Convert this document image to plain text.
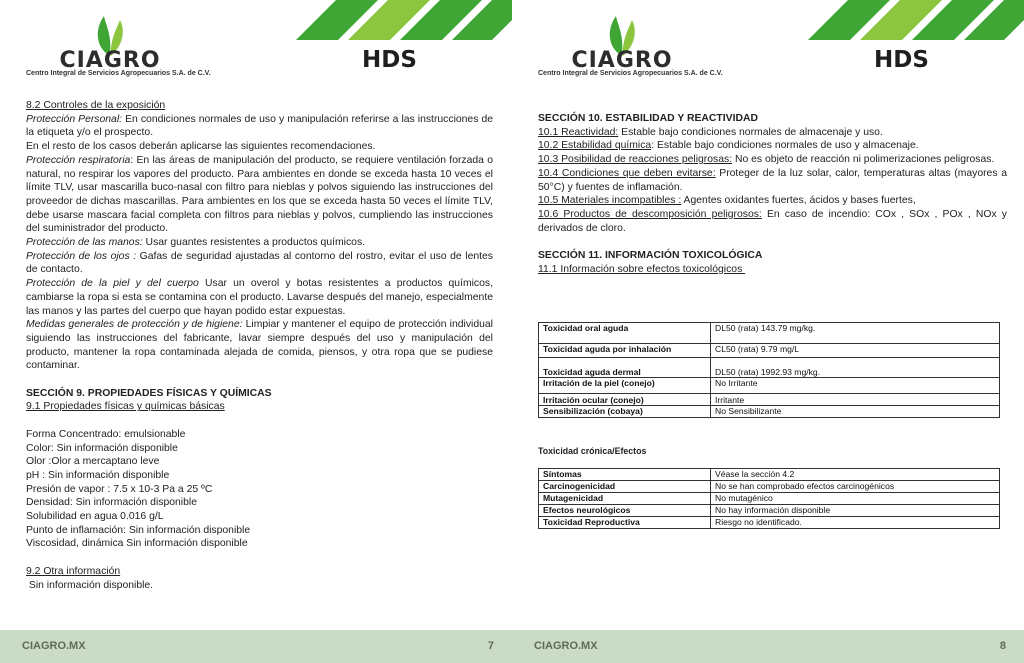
CIAGRO
Centro Integral de Servicios Agropecuarios S.A. de C.V.
HDS

8.2 Controles de la exposición

Protección Personal: En condiciones normales de uso y manipulación referirse a las instrucciones de la etiqueta y/o el prospecto.

En el resto de los casos deberán aplicarse las siguientes recomendaciones.

Protección respiratoria: En las áreas de manipulación del producto, se requiere ventilación forzada o natural, no respirar los vapores del producto. Para ambientes en donde se exceda hasta 10 veces el límite TLV, usar mascarilla buco-nasal con filtro para nieblas y polvos siguiendo las instrucciones del proveedor de dichas mascarillas. Para ambientes en los que se exceda hasta 50 veces el límite TLV, debe usarse mascara facial completa con filtros para nieblas y polvos, cumpliendo las instrucciones del suministrador del producto.

Protección de las manos: Usar guantes resistentes a productos químicos.

Protección de los ojos : Gafas de seguridad ajustadas al contorno del rostro, evitar el uso de lentes de contacto.

Protección de la piel y del cuerpo Usar un overol y botas resistentes a productos químicos, cambiarse la ropa si esta se contamina con el producto. Lavarse después del manejo, especialmente las manos y las partes del cuerpo que hayan podido estar expuestas.

Medidas generales de protección y de higiene: Limpiar y mantener el equipo de protección individual siguiendo las instrucciones del fabricante, lavar siempre después del uso y manipulación del producto, mantener la ropa contaminada alejada de comida, piensos, y otra ropa que se pudiese contaminar.

SECCIÓN 9. PROPIEDADES FÍSICAS Y QUÍMICAS

9.1 Propiedades físicas y químicas básicas

Forma Concentrado: emulsionable

Color: Sin información disponible

Olor :Olor a mercaptano leve

pH : Sin información disponible

Presión de vapor : 7.5 x 10-3 Pa a 25 ºC

Densidad: Sin información disponible

Solubilidad en agua 0.016 g/L

Punto de inflamación: Sin información disponible

Viscosidad, dinámica Sin información disponible

9.2 Otra información

Sin información disponible.

CIAGRO.MX	7
CIAGRO
Centro Integral de Servicios Agropecuarios S.A. de C.V.
HDS

SECCIÓN 10. ESTABILIDAD Y REACTIVIDAD

10.1 Reactividad: Estable bajo condiciones normales de almacenaje y uso.

10.2 Estabilidad química: Estable bajo condiciones normales de uso y almacenaje.

10.3 Posibilidad de reacciones peligrosas: No es objeto de reacción ni polimerizaciones peligrosas.

10.4 Condiciones que deben evitarse: Proteger de la luz solar, calor, temperaturas altas (mayores a 50°C) y fuentes de inflamación.

10.5 Materiales incompatibles : Agentes oxidantes fuertes, ácidos y bases fuertes,

10.6 Productos de descomposición peligrosos: En caso de incendio: COx , SOx , POx , NOx y derivados de cloro.

SECCIÓN 11. INFORMACIÓN TOXICOLÓGICA

11.1 Información sobre efectos toxicológicos

Toxicidad oral aguda	DL50 (rata) 143.79 mg/kg.
Toxicidad aguda por inhalación	CL50 (rata) 9.79 mg/L
Toxicidad aguda dermal	DL50 (rata) 1992.93 mg/kg.
Irritación de la piel (conejo)	No Irritante
Irritación ocular (conejo)	Irritante
Sensibilización (cobaya)	No Sensibilizante
Toxicidad crónica/Efectos
Síntomas	Véase la sección 4.2
Carcinogenicidad	No se han comprobado efectos carcinogénicos
Mutagenicidad	No mutagénico
Efectos neurológicos	No hay información disponible
Toxicidad Reproductiva	Riesgo no identificado.
CIAGRO.MX	8
